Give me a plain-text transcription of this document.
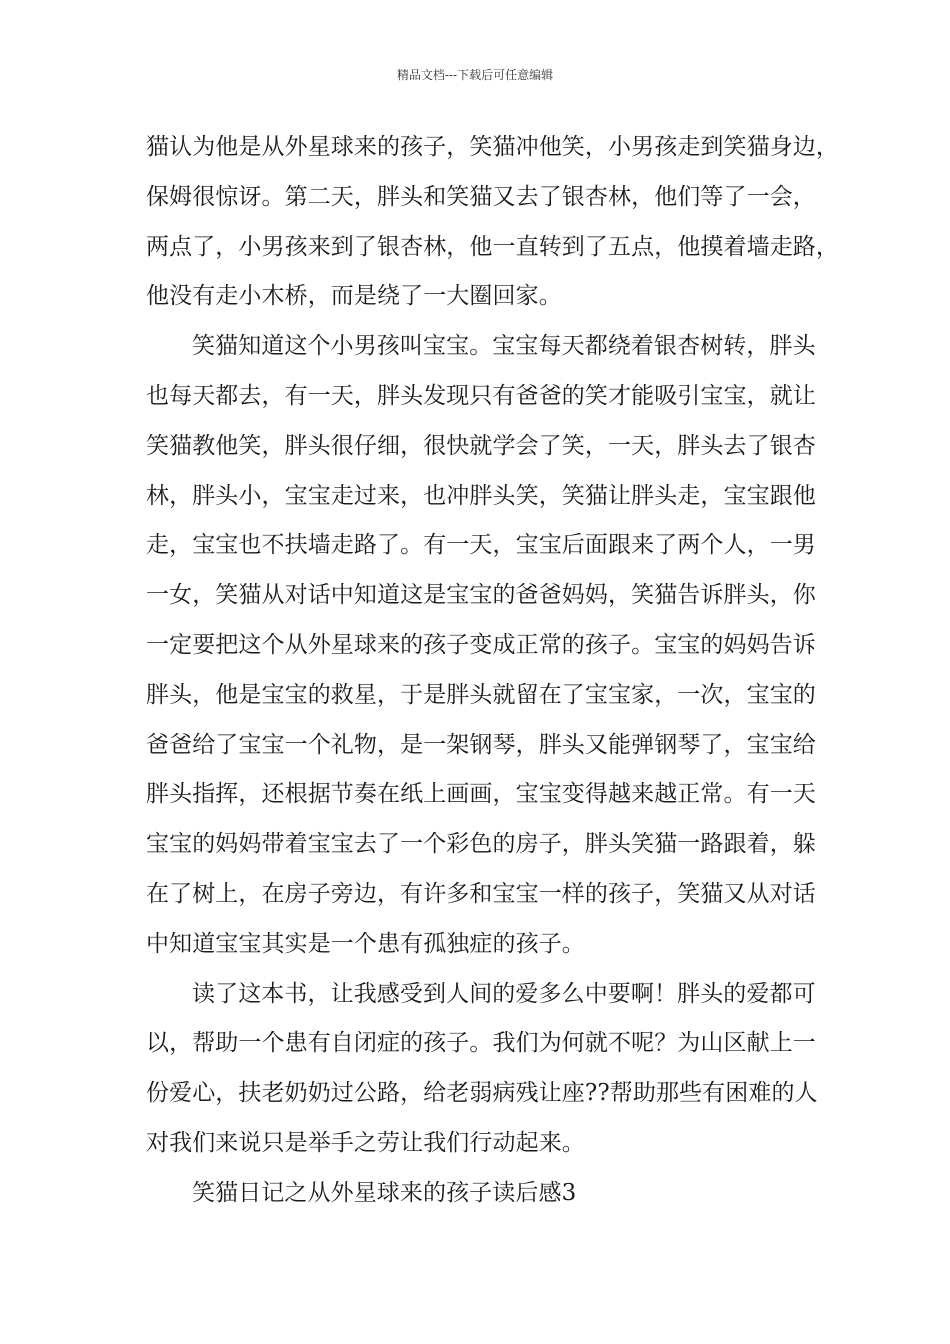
精品文档---下载后可任意编辑
猫认为他是从外星球来的孩子，笑猫冲他笑，小男孩走到笑猫身边，
保姆很惊讶。第二天，胖头和笑猫又去了银杏林，他们等了一会，
两点了，小男孩来到了银杏林，他一直转到了五点，他摸着墙走路，
他没有走小木桥，而是绕了一大圈回家。
笑猫知道这个小男孩叫宝宝。宝宝每天都绕着银杏树转，胖头
也每天都去，有一天，胖头发现只有爸爸的笑才能吸引宝宝，就让
笑猫教他笑，胖头很仔细，很快就学会了笑，一天，胖头去了银杏
林，胖头小，宝宝走过来，也冲胖头笑，笑猫让胖头走，宝宝跟他
走，宝宝也不扶墙走路了。有一天，宝宝后面跟来了两个人，一男
一女，笑猫从对话中知道这是宝宝的爸爸妈妈，笑猫告诉胖头，你
一定要把这个从外星球来的孩子变成正常的孩子。宝宝的妈妈告诉
胖头，他是宝宝的救星，于是胖头就留在了宝宝家，一次，宝宝的
爸爸给了宝宝一个礼物，是一架钢琴，胖头又能弹钢琴了，宝宝给
胖头指挥，还根据节奏在纸上画画，宝宝变得越来越正常。有一天
宝宝的妈妈带着宝宝去了一个彩色的房子，胖头笑猫一路跟着，躲
在了树上，在房子旁边，有许多和宝宝一样的孩子，笑猫又从对话
中知道宝宝其实是一个患有孤独症的孩子。
读了这本书，让我感受到人间的爱多么中要啊！胖头的爱都可
以，帮助一个患有自闭症的孩子。我们为何就不呢？为山区献上一
份爱心，扶老奶奶过公路，给老弱病残让座??帮助那些有困难的人
对我们来说只是举手之劳让我们行动起来。
笑猫日记之从外星球来的孩子读后感3
